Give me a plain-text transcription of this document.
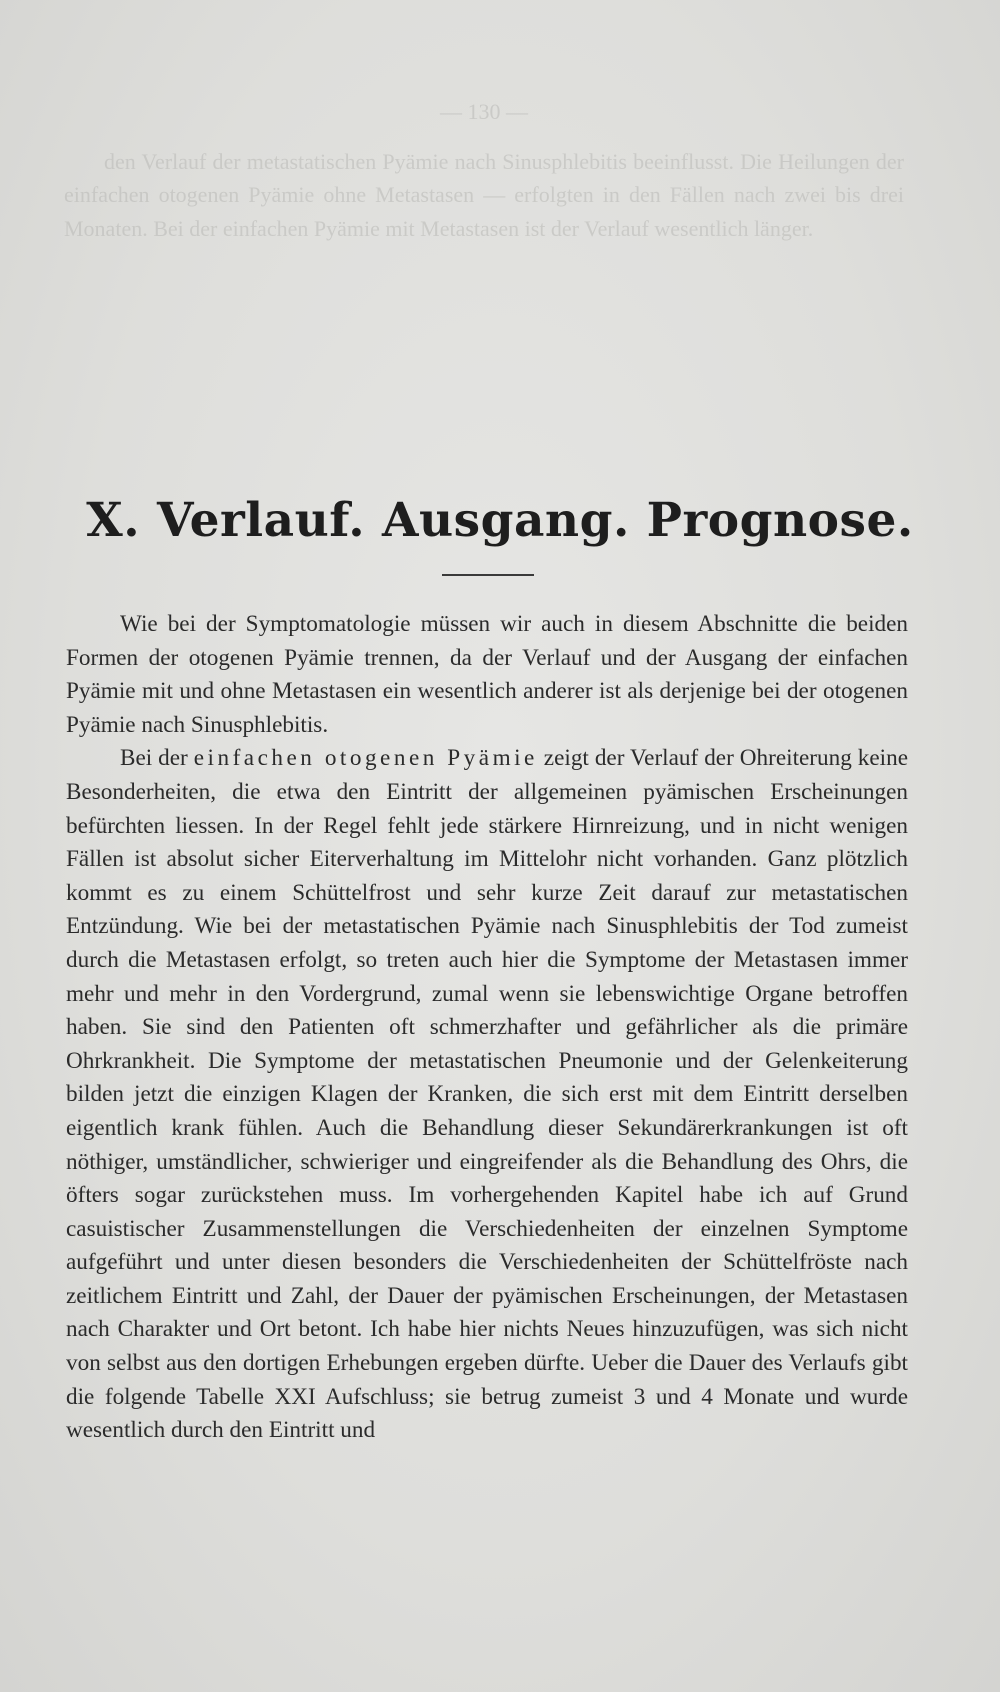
— 130 —

den Verlauf der metastatischen Pyämie nach Sinusphlebitis beeinflusst. Die Heilungen der einfachen otogenen Pyämie ohne Metastasen — erfolgten in den Fällen nach zwei bis drei Monaten. Bei der einfachen Pyämie mit Metastasen ist der Verlauf wesentlich länger.

X. Verlauf. Ausgang. Prognose.

Wie bei der Symptomatologie müssen wir auch in diesem Abschnitte die beiden Formen der otogenen Pyämie trennen, da der Verlauf und der Ausgang der einfachen Pyämie mit und ohne Metastasen ein wesentlich anderer ist als derjenige bei der otogenen Pyämie nach Sinusphlebitis.

Bei der einfachen otogenen Pyämie zeigt der Verlauf der Ohreiterung keine Besonderheiten, die etwa den Eintritt der allgemeinen pyämischen Erscheinungen befürchten liessen. In der Regel fehlt jede stärkere Hirnreizung, und in nicht wenigen Fällen ist absolut sicher Eiterverhaltung im Mittelohr nicht vorhanden. Ganz plötzlich kommt es zu einem Schüttelfrost und sehr kurze Zeit darauf zur metastatischen Entzündung. Wie bei der metastatischen Pyämie nach Sinusphlebitis der Tod zumeist durch die Metastasen erfolgt, so treten auch hier die Symptome der Metastasen immer mehr und mehr in den Vordergrund, zumal wenn sie lebenswichtige Organe betroffen haben. Sie sind den Patienten oft schmerzhafter und gefährlicher als die primäre Ohrkrankheit. Die Symptome der metastatischen Pneumonie und der Gelenkeiterung bilden jetzt die einzigen Klagen der Kranken, die sich erst mit dem Eintritt derselben eigentlich krank fühlen. Auch die Behandlung dieser Sekundärerkrankungen ist oft nöthiger, umständlicher, schwieriger und eingreifender als die Behandlung des Ohrs, die öfters sogar zurückstehen muss. Im vorhergehenden Kapitel habe ich auf Grund casuistischer Zusammenstellungen die Verschiedenheiten der einzelnen Symptome aufgeführt und unter diesen besonders die Verschiedenheiten der Schüttelfröste nach zeitlichem Eintritt und Zahl, der Dauer der pyämischen Erscheinungen, der Metastasen nach Charakter und Ort betont. Ich habe hier nichts Neues hinzuzufügen, was sich nicht von selbst aus den dortigen Erhebungen ergeben dürfte. Ueber die Dauer des Verlaufs gibt die folgende Tabelle XXI Aufschluss; sie betrug zumeist 3 und 4 Monate und wurde wesentlich durch den Eintritt und
